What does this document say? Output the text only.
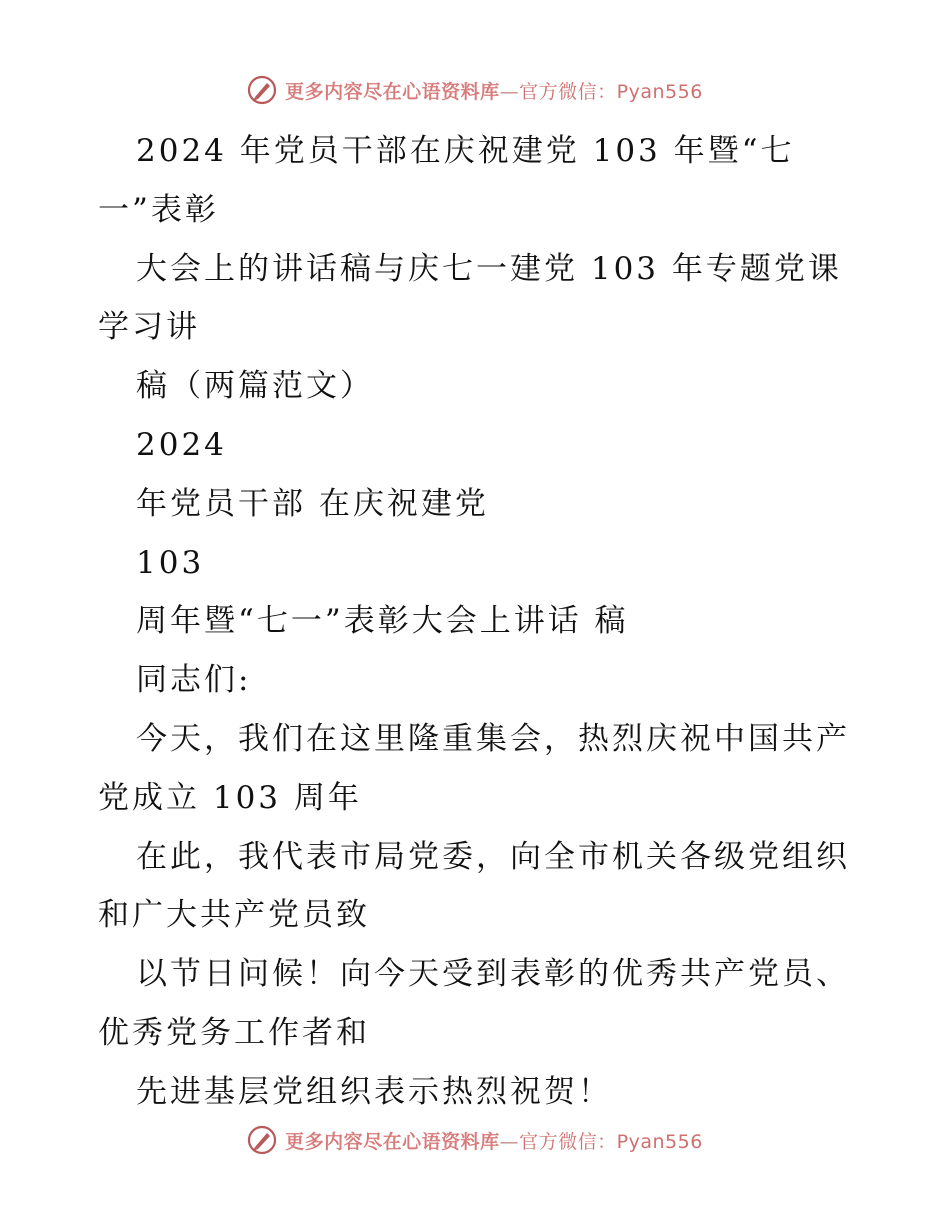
更多内容尽在心语资料库—官方微信：Pyan556
2024 年党员干部在庆祝建党 103 年暨“七
一”表彰
大会上的讲话稿与庆七一建党 103 年专题党课
学习讲
稿（两篇范文）
2024
年党员干部 在庆祝建党
103
周年暨“七一”表彰大会上讲话 稿
同志们:
今天，我们在这里隆重集会，热烈庆祝中国共产
党成立 103 周年
在此，我代表市局党委，向全市机关各级党组织
和广大共产党员致
以节日问候！向今天受到表彰的优秀共产党员、
优秀党务工作者和
先进基层党组织表示热烈祝贺！
更多内容尽在心语资料库—官方微信：Pyan556
